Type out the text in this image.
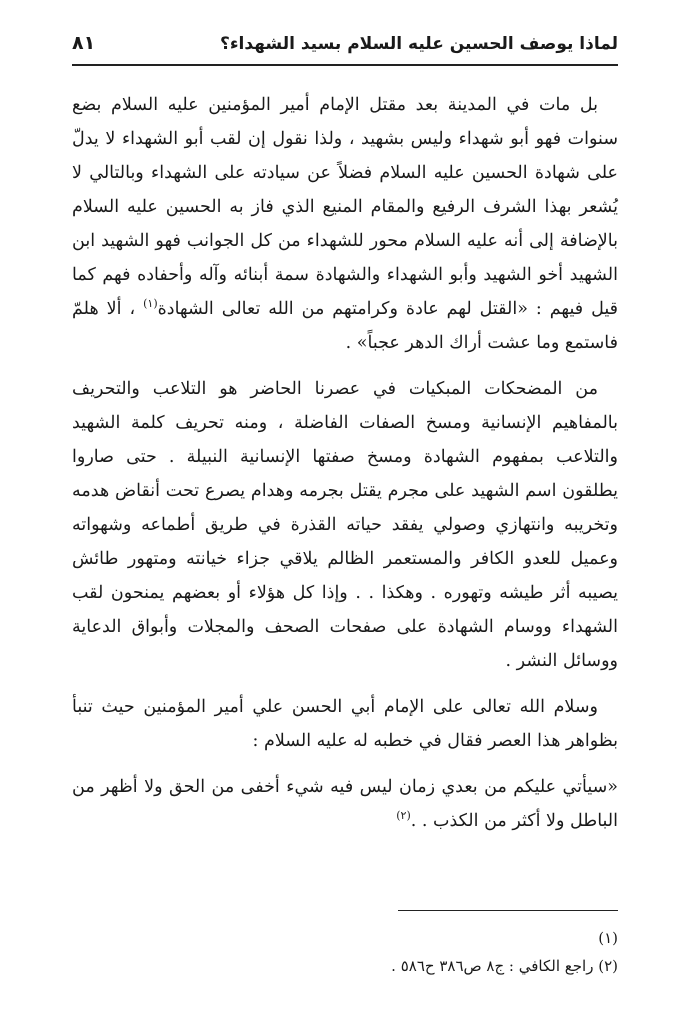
لماذا يوصف الحسين عليه السلام بسيد الشهداء؟
٨١

بل مات في المدينة بعد مقتل الإمام أمير المؤمنين عليه السلام بضع سنوات فهو أبو شهداء وليس بشهيد ، ولذا نقول إن لقب أبو الشهداء لا يدلّ على شهادة الحسين عليه السلام فضلاً عن سيادته على الشهداء وبالتالي لا يُشعر بهذا الشرف الرفيع والمقام المنيع الذي فاز به الحسين عليه السلام بالإضافة إلى أنه عليه السلام محور للشهداء من كل الجوانب فهو الشهيد ابن الشهيد أخو الشهيد وأبو الشهداء والشهادة سمة أبنائه وآله وأحفاده فهم كما قيل فيهم : «القتل لهم عادة وكرامتهم من الله تعالى الشهادة$^{(١)}$ ، ألا هلمّ فاستمع وما عشت أراك الدهر عجباً» .

من المضحكات المبكيات في عصرنا الحاضر هو التلاعب والتحريف بالمفاهيم الإنسانية ومسخ الصفات الفاضلة ، ومنه تحريف كلمة الشهيد والتلاعب بمفهوم الشهادة ومسخ صفتها الإنسانية النبيلة . حتى صاروا يطلقون اسم الشهيد على مجرم يقتل بجرمه وهدام يصرع تحت أنقاض هدمه وتخريبه وانتهازي وصولي يفقد حياته القذرة في طريق أطماعه وشهواته وعميل للعدو الكافر والمستعمر الظالم يلاقي جزاء خيانته ومتهور طائش يصيبه أثر طيشه وتهوره . وهكذا . . وإذا كل هؤلاء أو بعضهم يمنحون لقب الشهداء ووسام الشهادة على صفحات الصحف والمجلات وأبواق الدعاية ووسائل النشر .

وسلام الله تعالى على الإمام أبي الحسن علي أمير المؤمنين حيث تنبأ بظواهر هذا العصر فقال في خطبه له عليه السلام :

«سيأتي عليكم من بعدي زمان ليس فيه شيء أخفى من الحق ولا أظهر من الباطل ولا أكثر من الكذب . .$^{(٢)}$

(١)

(٢) راجع الكافي : ج٨ ص٣٨٦ ح٥٨٦ .
